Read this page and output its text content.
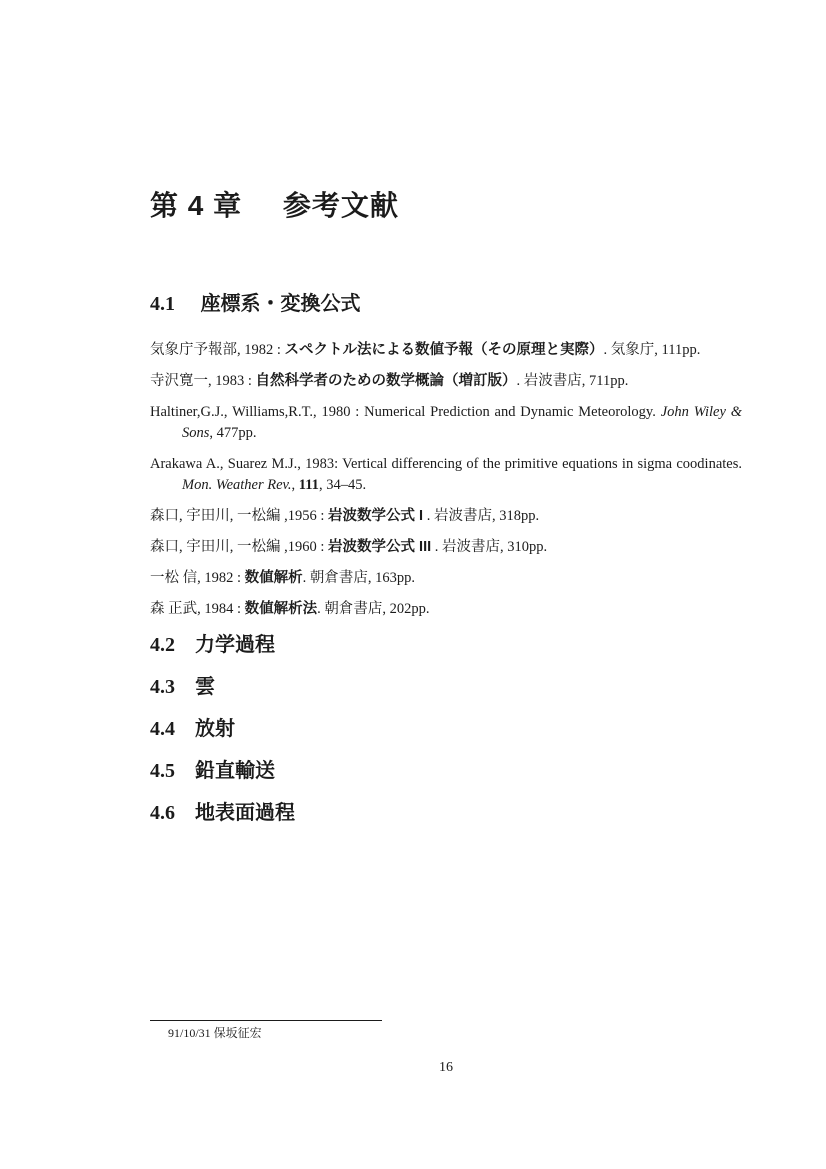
第 4 章 参考文献
4.1 座標系・変換公式

気象庁予報部, 1982 : スペクトル法による数値予報（その原理と実際）. 気象庁, 111pp.

寺沢寛一, 1983 : 自然科学者のための数学概論（増訂版）. 岩波書店, 711pp.

Haltiner,G.J., Williams,R.T., 1980 : Numerical Prediction and Dynamic Meteorology. John Wiley & Sons, 477pp.

Arakawa A., Suarez M.J., 1983: Vertical differencing of the primitive equations in sigma coodinates. Mon. Weather Rev., 111, 34–45.

森口, 宇田川, 一松編 ,1956 : 岩波数学公式 I . 岩波書店, 318pp.

森口, 宇田川, 一松編 ,1960 : 岩波数学公式 III . 岩波書店, 310pp.

一松 信, 1982 : 数値解析. 朝倉書店, 163pp.

森 正武, 1984 : 数値解析法. 朝倉書店, 202pp.

4.2 力学過程
4.3 雲
4.4 放射
4.5 鉛直輸送
4.6 地表面過程
91/10/31 保坂征宏
16
